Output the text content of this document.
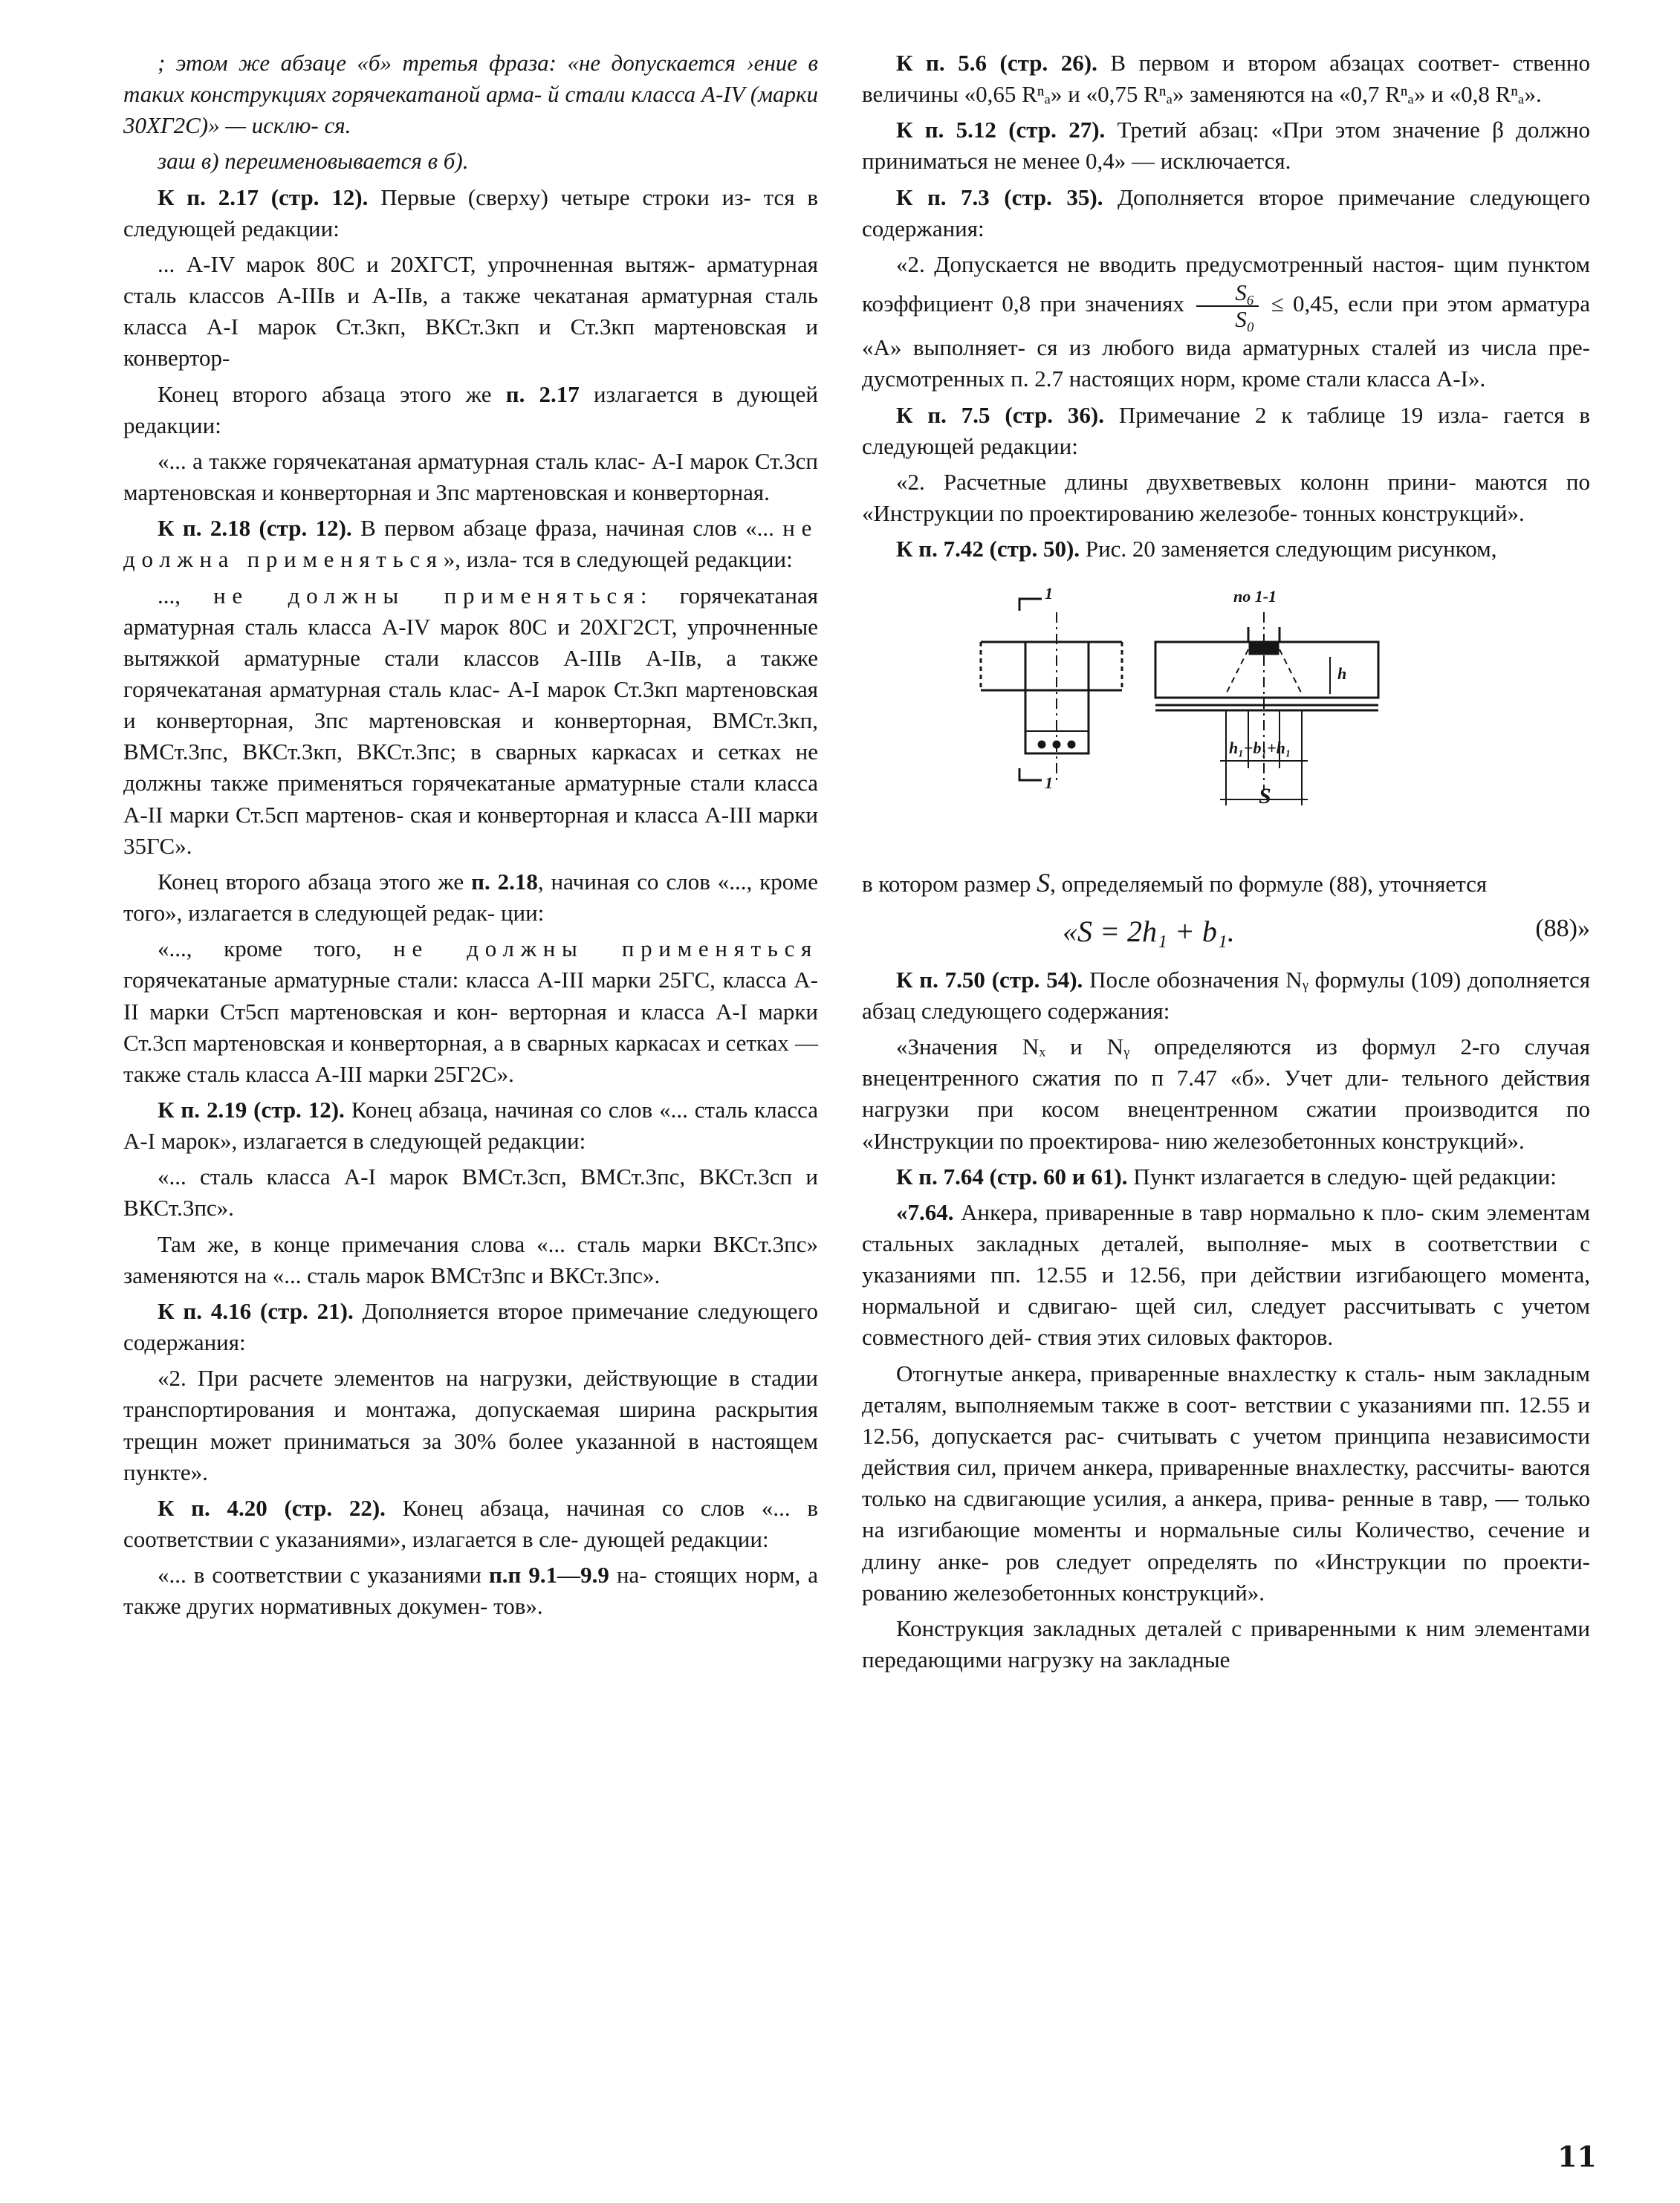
; этом же абзаце «б» третья фраза: «не допускается ›ение в таких конструкциях горячекатаной арма- й стали класса А-IV (марки 30ХГ2С)» — исклю- ся.

заш в) переименовывается в б).

К п. 2.17 (стр. 12). Первые (сверху) четыре строки из- тся в следующей редакции:

... А-IV марок 80С и 20ХГСТ, упрочненная вытяж- арматурная сталь классов А-IIIв и А-IIв, а также чекатаная арматурная сталь класса А-I марок Ст.3кп, ВКСт.3кп и Ст.3кп мартеновская и конвертор-

Конец второго абзаца этого же п. 2.17 излагается в дующей редакции:

«... а также горячекатаная арматурная сталь клас- А-I марок Ст.3сп мартеновская и конверторная и Зпс мартеновская и конверторная.

К п. 2.18 (стр. 12). В первом абзаце фраза, начиная слов «... не должна применяться», изла- тся в следующей редакции:

..., не должны применяться: горячекатаная арматурная сталь класса А-IV марок 80С и 20ХГ2СТ, упрочненные вытяжкой арматурные стали классов А-IIIв А-IIв, а также горячекатаная арматурная сталь клас- А-I марок Ст.3кп мартеновская и конверторная, Зпс мартеновская и конверторная, ВМСт.3кп, ВМСт.3пс, ВКСт.3кп, ВКСт.3пс; в сварных каркасах и сетках не должны также применяться горячекатаные арматурные стали класса А-II марки Ст.5сп мартенов- ская и конверторная и класса А-III марки 35ГС».

Конец второго абзаца этого же п. 2.18, начиная со слов «..., кроме того», излагается в следующей редак- ции:

«..., кроме того, не должны применяться горячекатаные арматурные стали: класса А-III марки 25ГС, класса А-II марки Ст5сп мартеновская и кон- верторная и класса А-I марки Ст.3сп мартеновская и конверторная, а в сварных каркасах и сетках — также сталь класса А-III марки 25Г2С».

К п. 2.19 (стр. 12). Конец абзаца, начиная со слов «... сталь класса А-I марок», излагается в следующей редакции:

«... сталь класса А-I марок ВМСт.3сп, ВМСт.3пс, ВКСт.3сп и ВКСт.3пс».

Там же, в конце примечания слова «... сталь марки ВКСт.3пс» заменяются на «... сталь марок ВМСт3пс и ВКСт.3пс».

К п. 4.16 (стр. 21). Дополняется второе примечание следующего содержания:

«2. При расчете элементов на нагрузки, действующие в стадии транспортирования и монтажа, допускаемая ширина раскрытия трещин может приниматься за 30% более указанной в настоящем пункте».

К п. 4.20 (стр. 22). Конец абзаца, начиная со слов «... в соответствии с указаниями», излагается в сле- дующей редакции:

«... в соответствии с указаниями п.п 9.1—9.9 на- стоящих норм, а также других нормативных докумен- тов».

К п. 5.6 (стр. 26). В первом и втором абзацах соответ- ственно величины «0,65 Rⁿₐ» и «0,75 Rⁿₐ» заменяются на «0,7 Rⁿₐ» и «0,8 Rⁿₐ».

К п. 5.12 (стр. 27). Третий абзац: «При этом значение β должно приниматься не менее 0,4» — исключается.

К п. 7.3 (стр. 35). Дополняется второе примечание следующего содержания:

«2. Допускается не вводить предусмотренный настоя- щим пунктом коэффициент 0,8 при значениях $\frac{\text{S₆}}{\text{S₀}} \le 0,45$, если при этом арматура «А» выполняет- ся из любого вида арматурных сталей из числа пре- дусмотренных п. 2.7 настоящих норм, кроме стали класса А-I».

К п. 7.5 (стр. 36). Примечание 2 к таблице 19 изла- гается в следующей редакции:

«2. Расчетные длины двухветвевых колонн прини- маются по «Инструкции по проектированию железобе- тонных конструкций».

К п. 7.42 (стр. 50). Рис. 20 заменяется следующим рисунком,

1
1
по 1-1
h
h₁+b₁+h₁
S

в котором размер S, определяемый по формуле (88), уточняется

«S = 2h₁ + b₁.	(88)»

К п. 7.50 (стр. 54). После обозначения Nᵧ формулы (109) дополняется абзац следующего содержания:

«Значения Nₓ и Nᵧ определяются из формул 2-го случая внецентренного сжатия по п 7.47 «б». Учет дли- тельного действия нагрузки при косом внецентренном сжатии производится по «Инструкции по проектирова- нию железобетонных конструкций».

К п. 7.64 (стр. 60 и 61). Пункт излагается в следую- щей редакции:

«7.64. Анкера, приваренные в тавр нормально к пло- ским элементам стальных закладных деталей, выполняе- мых в соответствии с указаниями пп. 12.55 и 12.56, при действии изгибающего момента, нормальной и сдвигаю- щей сил, следует рассчитывать с учетом совместного дей- ствия этих силовых факторов.

Отогнутые анкера, приваренные внахлестку к сталь- ным закладным деталям, выполняемым также в соот- ветствии с указаниями пп. 12.55 и 12.56, допускается рас- считывать с учетом принципа независимости действия сил, причем анкера, приваренные внахлестку, рассчиты- ваются только на сдвигающие усилия, а анкера, прива- ренные в тавр, — только на изгибающие моменты и нормальные силы Количество, сечение и длину анке- ров следует определять по «Инструкции по проекти- рованию железобетонных конструкций».

Конструкция закладных деталей с приваренными к ним элементами передающими нагрузку на закладные

11
